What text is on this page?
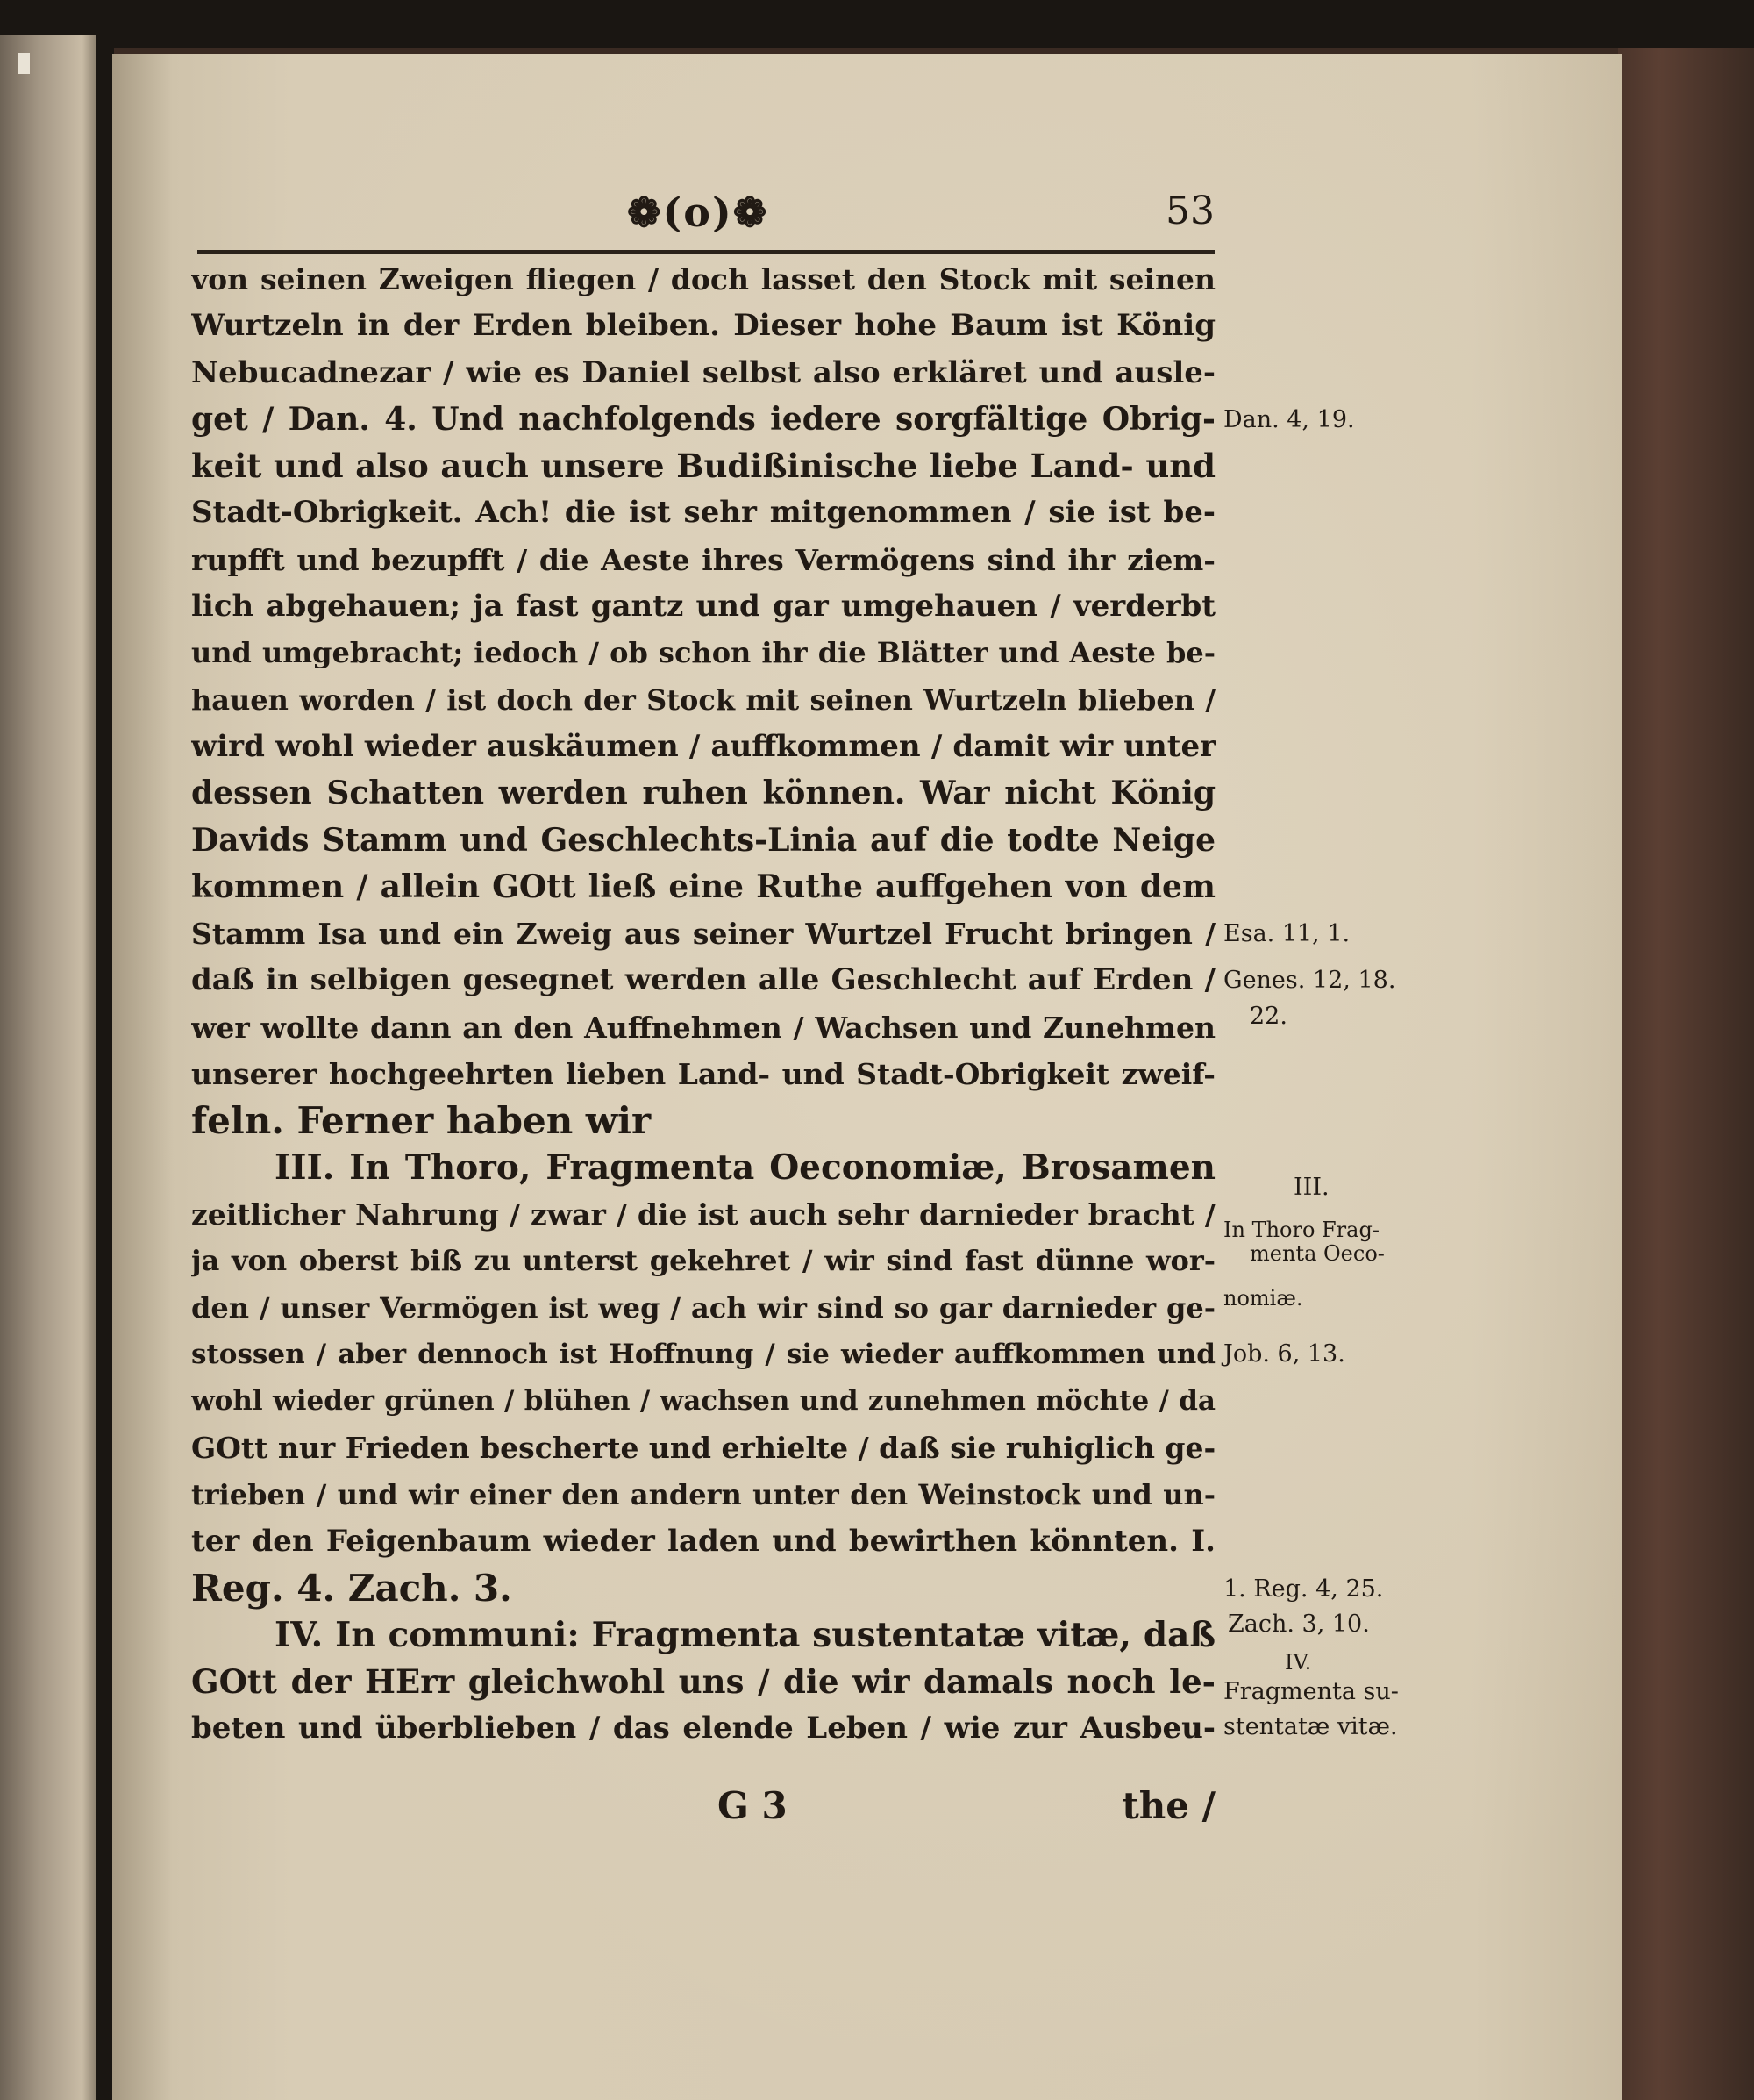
❁(o)❁	53
von seinen Zweigen fliegen / doch lasset den Stock mit seinen
Wurtzeln in der Erden bleiben. Dieser hohe Baum ist König
Nebucadnezar / wie es Daniel selbst also erkläret und ausle-
get / Dan. 4. Und nachfolgends iedere sorgfältige Obrig-
keit und also auch unsere Budißinische liebe Land- und
Stadt-Obrigkeit. Ach! die ist sehr mitgenommen / sie ist be-
rupfft und bezupfft / die Aeste ihres Vermögens sind ihr ziem-
lich abgehauen; ja fast gantz und gar umgehauen / verderbt
und umgebracht; iedoch / ob schon ihr die Blätter und Aeste be-
hauen worden / ist doch der Stock mit seinen Wurtzeln blieben /
wird wohl wieder auskäumen / auffkommen / damit wir unter
dessen Schatten werden ruhen können. War nicht König
Davids Stamm und Geschlechts-Linia auf die todte Neige
kommen / allein GOtt ließ eine Ruthe auffgehen von dem
Stamm Isa und ein Zweig aus seiner Wurtzel Frucht bringen /
daß in selbigen gesegnet werden alle Geschlecht auf Erden /
wer wollte dann an den Auffnehmen / Wachsen und Zunehmen
unserer hochgeehrten lieben Land- und Stadt-Obrigkeit zweif-
feln. Ferner haben wir
III. In Thoro, Fragmenta Oeconomiæ, Brosamen
zeitlicher Nahrung / zwar / die ist auch sehr darnieder bracht /
ja von oberst biß zu unterst gekehret / wir sind fast dünne wor-
den / unser Vermögen ist weg / ach wir sind so gar darnieder ge-
stossen / aber dennoch ist Hoffnung / sie wieder auffkommen und
wohl wieder grünen / blühen / wachsen und zunehmen möchte / da
GOtt nur Frieden bescherte und erhielte / daß sie ruhiglich ge-
trieben / und wir einer den andern unter den Weinstock und un-
ter den Feigenbaum wieder laden und bewirthen könnten. I.
Reg. 4. Zach. 3.
IV. In communi: Fragmenta sustentatæ vitæ, daß
GOtt der HErr gleichwohl uns / die wir damals noch le-
beten und überblieben / das elende Leben / wie zur Ausbeu-
Dan. 4, 19.
Esa. 11, 1.
Genes. 12, 18.
22.
III.
In Thoro Frag-
menta Oeco-
nomiæ.
Job. 6, 13.
1. Reg. 4, 25.
Zach. 3, 10.
IV.
Fragmenta su-
stentatæ vitæ.
G 3	the /
